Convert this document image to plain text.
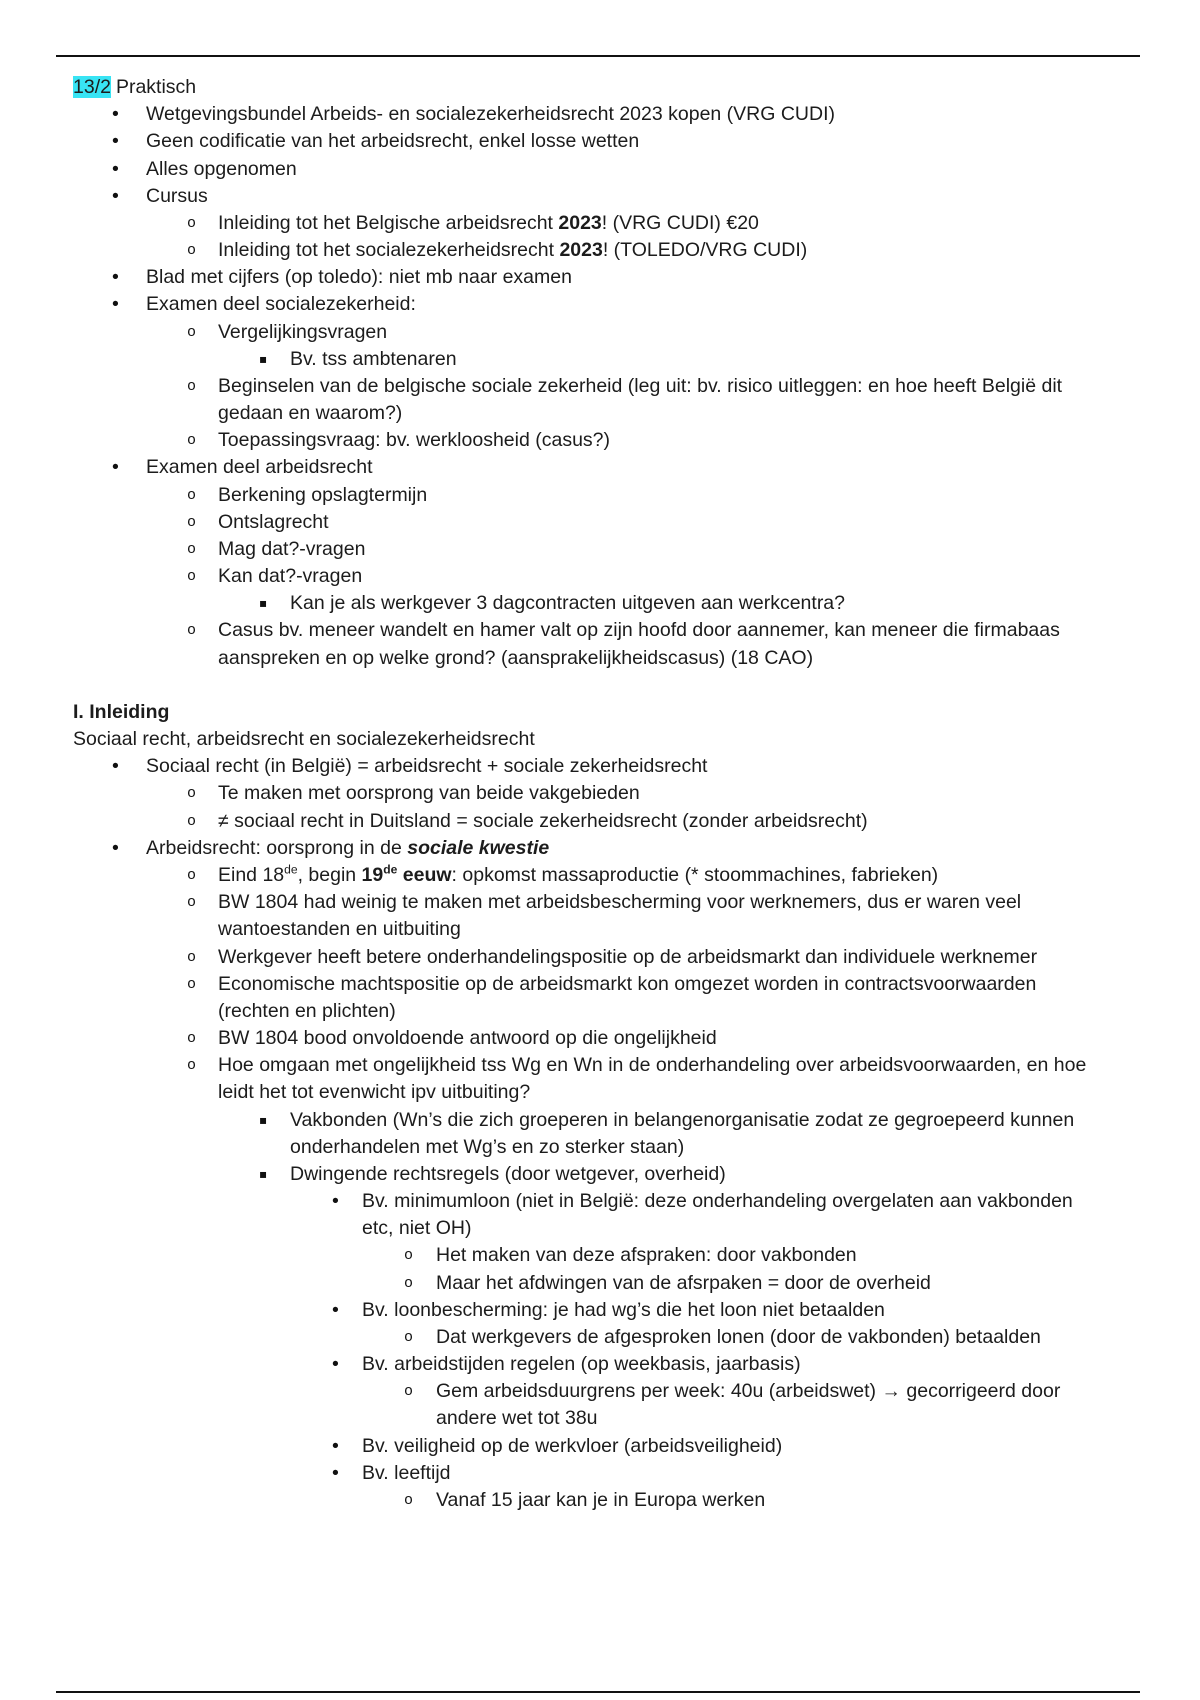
13/2 Praktisch
• Wetgevingsbundel Arbeids- en socialezekerheidsrecht 2023 kopen (VRG CUDI)
• Geen codificatie van het arbeidsrecht, enkel losse wetten
• Alles opgenomen
• Cursus
o Inleiding tot het Belgische arbeidsrecht 2023! (VRG CUDI) €20
o Inleiding tot het socialezekerheidsrecht 2023! (TOLEDO/VRG CUDI)
• Blad met cijfers (op toledo): niet mb naar examen
• Examen deel socialezekerheid:
o Vergelijkingsvragen
▪ Bv. tss ambtenaren
o Beginselen van de belgische sociale zekerheid (leg uit: bv. risico uitleggen: en hoe heeft België dit
gedaan en waarom?)
o Toepassingsvraag: bv. werkloosheid (casus?)
• Examen deel arbeidsrecht
o Berkening opslagtermijn
o Ontslagrecht
o Mag dat?-vragen
o Kan dat?-vragen
▪ Kan je als werkgever 3 dagcontracten uitgeven aan werkcentra?
o Casus bv. meneer wandelt en hamer valt op zijn hoofd door aannemer, kan meneer die firmabaas
aanspreken en op welke grond? (aansprakelijkheidscasus) (18 CAO)
I. Inleiding
Sociaal recht, arbeidsrecht en socialezekerheidsrecht
• Sociaal recht (in België) = arbeidsrecht + sociale zekerheidsrecht
o Te maken met oorsprong van beide vakgebieden
o ≠ sociaal recht in Duitsland = sociale zekerheidsrecht (zonder arbeidsrecht)
• Arbeidsrecht: oorsprong in de sociale kwestie
o Eind 18de, begin 19de eeuw: opkomst massaproductie (* stoommachines, fabrieken)
o BW 1804 had weinig te maken met arbeidsbescherming voor werknemers, dus er waren veel
wantoestanden en uitbuiting
o Werkgever heeft betere onderhandelingspositie op de arbeidsmarkt dan individuele werknemer
o Economische machtspositie op de arbeidsmarkt kon omgezet worden in contractsvoorwaarden
(rechten en plichten)
o BW 1804 bood onvoldoende antwoord op die ongelijkheid
o Hoe omgaan met ongelijkheid tss Wg en Wn in de onderhandeling over arbeidsvoorwaarden, en hoe
leidt het tot evenwicht ipv uitbuiting?
▪ Vakbonden (Wn’s die zich groeperen in belangenorganisatie zodat ze gegroepeerd kunnen
onderhandelen met Wg’s en zo sterker staan)
▪ Dwingende rechtsregels (door wetgever, overheid)
• Bv. minimumloon (niet in België: deze onderhandeling overgelaten aan vakbonden
etc, niet OH)
o Het maken van deze afspraken: door vakbonden
o Maar het afdwingen van de afsrpaken = door de overheid
• Bv. loonbescherming: je had wg’s die het loon niet betaalden
o Dat werkgevers de afgesproken lonen (door de vakbonden) betaalden
• Bv. arbeidstijden regelen (op weekbasis, jaarbasis)
o Gem arbeidsduurgrens per week: 40u (arbeidswet) → gecorrigeerd door
andere wet tot 38u
• Bv. veiligheid op de werkvloer (arbeidsveiligheid)
• Bv. leeftijd
o Vanaf 15 jaar kan je in Europa werken
